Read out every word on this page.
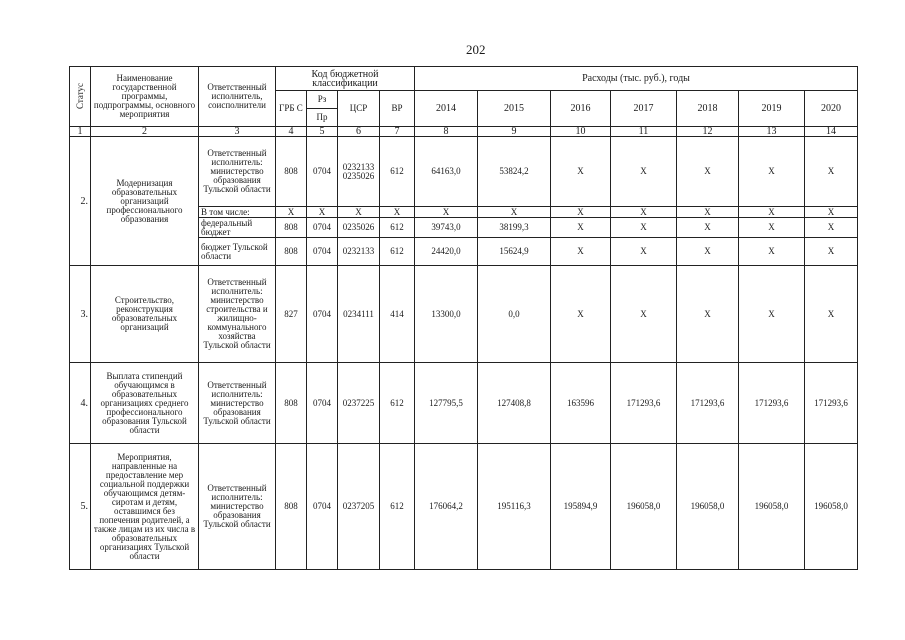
202
Статус	Наименование государственной программы, подпрограммы, основного мероприятия	Ответственный исполнитель, соисполнители	Код бюджетной классификации				Расходы (тыс. руб.), годы						
			ГРБ С	Рз	ЦСР	ВР	2014	2015	2016	2017	2018	2019	2020
				Пр									
1	2	3	4	5	6	7	8	9	10	11	12	13	14
2.	Модернизация образовательных организаций профессионального образования	Ответственный исполнитель: министерство образования Тульской области	808	0704	0232133 0235026	612	64163,0	53824,2	X	X	X	X	X
		В том числе:	X	X	X	X	X	X	X	X	X	X	X
		федеральный бюджет	808	0704	0235026	612	39743,0	38199,3	X	X	X	X	X
		бюджет Тульской области	808	0704	0232133	612	24420,0	15624,9	X	X	X	X	X
3.	Строительство, реконструкция образовательных организаций	Ответственный исполнитель: министерство строительства и жилищно-коммунального хозяйства Тульской области	827	0704	0234111	414	13300,0	0,0	X	X	X	X	X
4.	Выплата стипендий обучающимся в образовательных организациях среднего профессионального образования Тульской области	Ответственный исполнитель: министерство образования Тульской области	808	0704	0237225	612	127795,5	127408,8	163596	171293,6	171293,6	171293,6	171293,6
5.	Мероприятия, направленные на предоставление мер социальной поддержки обучающимся детям-сиротам и детям, оставшимся без попечения родителей, а также лицам из их числа в образовательных организациях Тульской области	Ответственный исполнитель: министерство образования Тульской области	808	0704	0237205	612	176064,2	195116,3	195894,9	196058,0	196058,0	196058,0	196058,0
